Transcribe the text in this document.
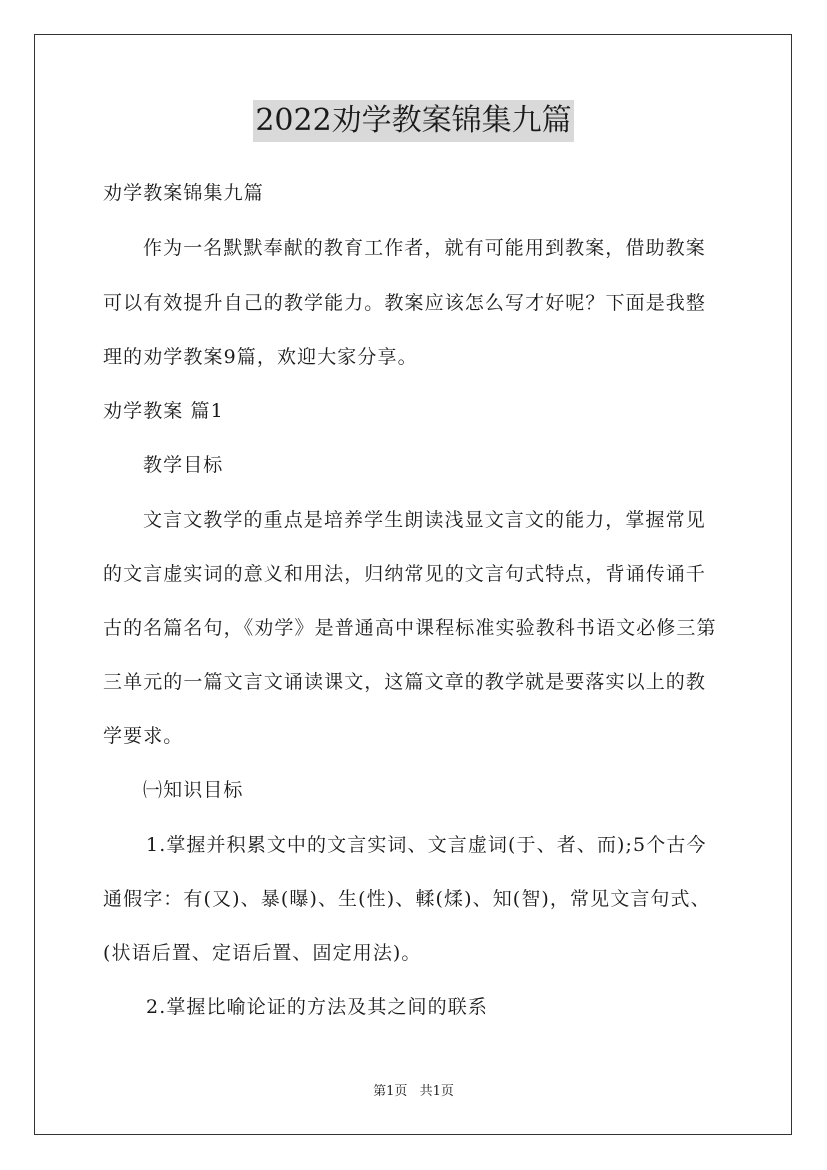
2022劝学教案锦集九篇
劝学教案锦集九篇
作为一名默默奉献的教育工作者，就有可能用到教案，借助教案
可以有效提升自己的教学能力。教案应该怎么写才好呢？下面是我整
理的劝学教案9篇，欢迎大家分享。
劝学教案 篇1
教学目标
文言文教学的重点是培养学生朗读浅显文言文的能力，掌握常见
的文言虚实词的意义和用法，归纳常见的文言句式特点，背诵传诵千
古的名篇名句，《劝学》是普通高中课程标准实验教科书语文必修三第
三单元的一篇文言文诵读课文，这篇文章的教学就是要落实以上的教
学要求。
㈠知识目标
1.掌握并积累文中的文言实词、文言虚词(于、者、而);5个古今
通假字：有(又)、暴(曝)、生(性)、輮(煣)、知(智)，常见文言句式、
(状语后置、定语后置、固定用法)。
2.掌握比喻论证的方法及其之间的联系
第1页 共1页
